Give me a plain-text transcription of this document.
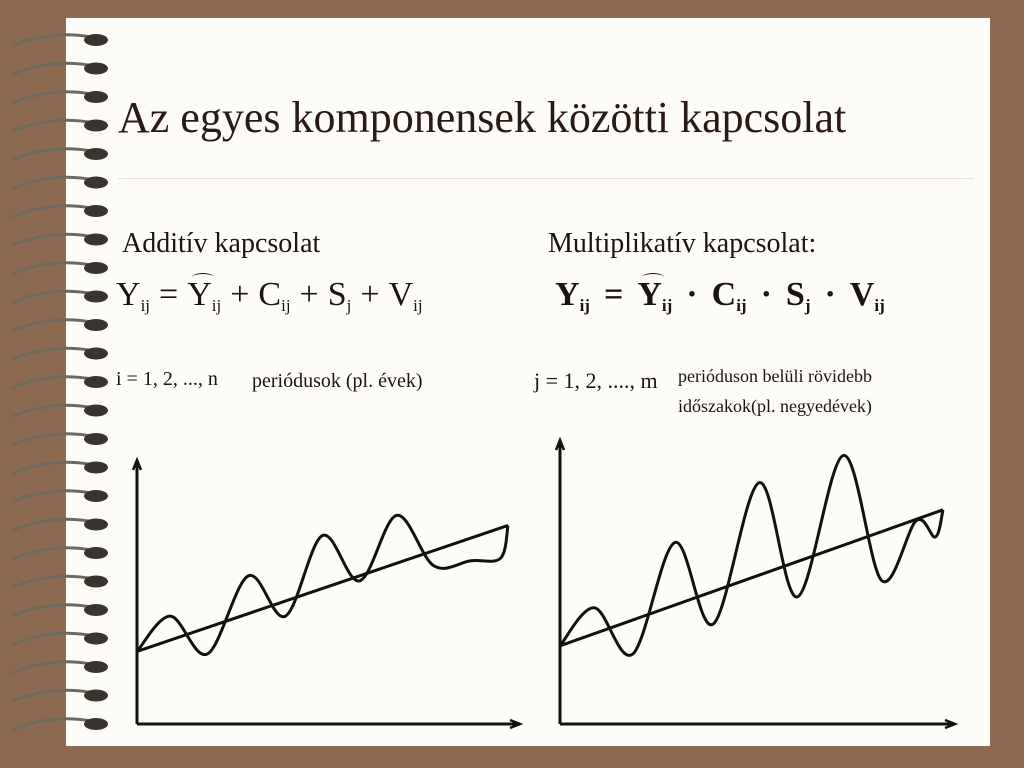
Az egyes komponensek közötti kapcsolat
Additív kapcsolat	Multiplikatív kapcsolat:
$Y_{ij} = Y_{ij} + C_{ij} + S_j + V_{ij}$	$Y_{ij} = Y_{ij} \cdot C_{ij} \cdot S_j \cdot V_{ij}$
i = 1, 2, ..., n periódusok (pl. évek)	j = 1, 2, ...., m perióduson belüli rövidebb
időszakok(pl. negyedévek)
